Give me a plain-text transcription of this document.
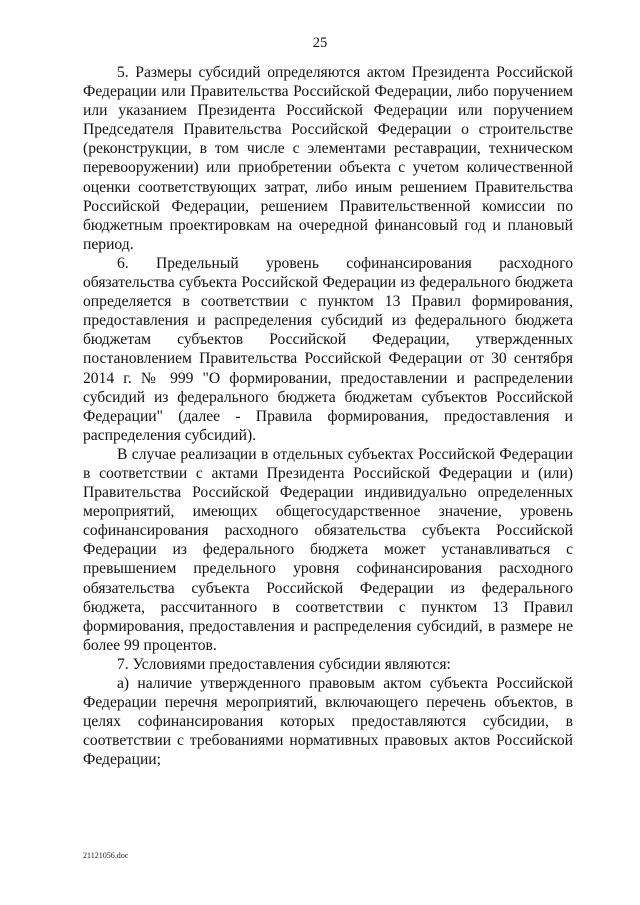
25

5. Размеры субсидий определяются актом Президента Российской Федерации или Правительства Российской Федерации, либо поручением или указанием Президента Российской Федерации или поручением Председателя Правительства Российской Федерации о строительстве (реконструкции, в том числе с элементами реставрации, техническом перевооружении) или приобретении объекта с учетом количественной оценки соответствующих затрат, либо иным решением Правительства Российской Федерации, решением Правительственной комиссии по бюджетным проектировкам на очередной финансовый год и плановый период.

6. Предельный уровень софинансирования расходного обязательства субъекта Российской Федерации из федерального бюджета определяется в соответствии с пунктом 13 Правил формирования, предоставления и распределения субсидий из федерального бюджета бюджетам субъектов Российской Федерации, утвержденных постановлением Правительства Российской Федерации от 30 сентября 2014 г. № 999 "О формировании, предоставлении и распределении субсидий из федерального бюджета бюджетам субъектов Российской Федерации" (далее - Правила формирования, предоставления и распределения субсидий).

В случае реализации в отдельных субъектах Российской Федерации в соответствии с актами Президента Российской Федерации и (или) Правительства Российской Федерации индивидуально определенных мероприятий, имеющих общегосударственное значение, уровень софинансирования расходного обязательства субъекта Российской Федерации из федерального бюджета может устанавливаться с превышением предельного уровня софинансирования расходного обязательства субъекта Российской Федерации из федерального бюджета, рассчитанного в соответствии с пунктом 13 Правил формирования, предоставления и распределения субсидий, в размере не более 99 процентов.

7. Условиями предоставления субсидии являются:

а) наличие утвержденного правовым актом субъекта Российской Федерации перечня мероприятий, включающего перечень объектов, в целях софинансирования которых предоставляются субсидии, в соответствии с требованиями нормативных правовых актов Российской Федерации;

21121056.doc
